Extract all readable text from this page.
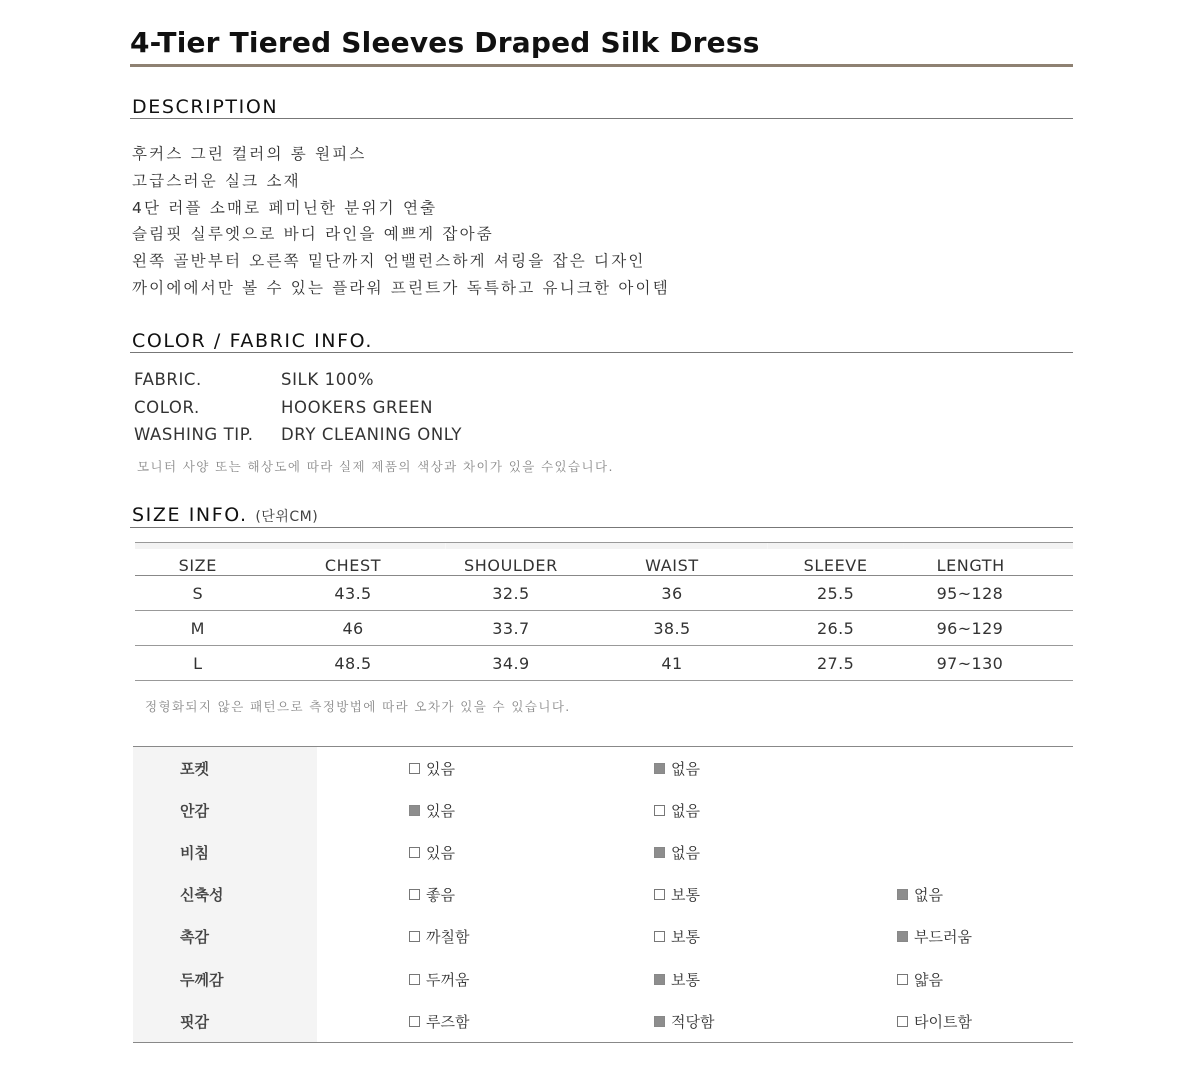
4-Tier Tiered Sleeves Draped Silk Dress
DESCRIPTION
후커스 그린 컬러의 롱 원피스
고급스러운 실크 소재
4단 러플 소매로 페미닌한 분위기 연출
슬림핏 실루엣으로 바디 라인을 예쁘게 잡아줌
왼쪽 골반부터 오른쪽 밑단까지 언밸런스하게 셔링을 잡은 디자인
까이에에서만 볼 수 있는 플라워 프린트가 독특하고 유니크한 아이템
COLOR / FABRIC INFO.
FABRIC.	SILK 100%
COLOR.	HOOKERS GREEN
WASHING TIP.	DRY CLEANING ONLY

모니터 사양 또는 해상도에 따라 실제 제품의 색상과 차이가 있을 수있습니다.

SIZE INFO. (단위CM)
SIZE	CHEST	SHOULDER	WAIST	SLEEVE	LENGTH
S	43.5	32.5	36	25.5	95~128
M	46	33.7	38.5	26.5	96~129
L	48.5	34.9	41	27.5	97~130

정형화되지 않은 패턴으로 측정방법에 따라 오차가 있을 수 있습니다.

포켓		있음	없음	

안감		있음	없음	

비침		있음	없음	

신축성		좋음	보통	없음

촉감		까칠함	보통	부드러움

두께감		두꺼움	보통	얇음

핏감		루즈함	적당함	타이트함
